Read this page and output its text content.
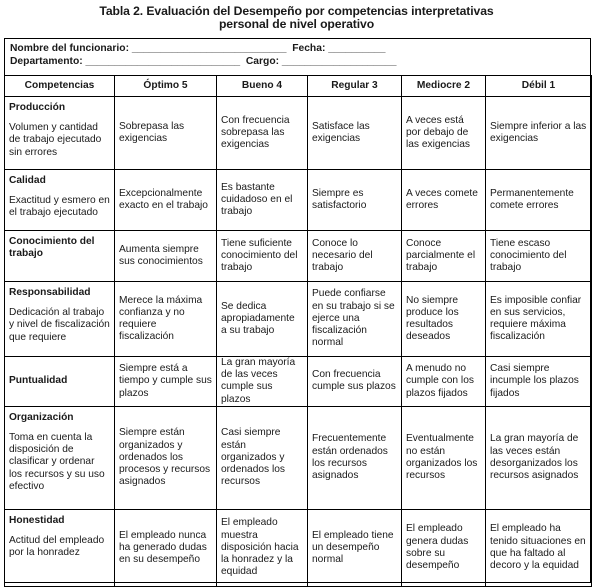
Tabla 2. Evaluación del Desempeño por competencias interpretativas
personal de nivel operativo
Nombre del funcionario: ___________________________  Fecha: __________
Departamento: ___________________________  Cargo: ____________________
Competencias	Óptimo 5	Bueno 4	Regular 3	Mediocre 2	Débil 1

Producción
Volumen y cantidad de trabajo ejecutado sin errores	Sobrepasa las exigencias	Con frecuencia sobrepasa las exigencias	Satisface las exigencias	A veces está por debajo de las exigencias	Siempre inferior a las exigencias

Calidad
Exactitud y esmero en el trabajo ejecutado	Excepcionalmente exacto en el trabajo	Es bastante cuidadoso en el trabajo	Siempre es satisfactorio	A veces comete errores	Permanentemente comete errores

Conocimiento del trabajo	Aumenta siempre sus conocimientos	Tiene suficiente conocimiento del trabajo	Conoce lo necesario del trabajo	Conoce parcialmente el trabajo	Tiene escaso conocimiento del trabajo

Responsabilidad
Dedicación al trabajo y nivel de fiscalización que requiere	Merece la máxima confianza y no requiere fiscalización	Se dedica apropiadamente a su trabajo	Puede confiarse en su trabajo si se ejerce una fiscalización normal	No siempre produce los resultados deseados	Es imposible confiar en sus servicios, requiere máxima fiscalización

Puntualidad	Siempre está a tiempo y cumple sus plazos	La gran mayoría de las veces cumple sus plazos	Con frecuencia cumple sus plazos	A menudo no cumple con los plazos fijados	Casi siempre incumple los plazos fijados

Organización
Toma en cuenta la disposición de clasificar y ordenar los recursos y su uso efectivo	Siempre están organizados y ordenados los procesos y recursos asignados	Casi siempre están organizados y ordenados los recursos	Frecuentemente están ordenados los recursos asignados	Eventualmente no están organizados los recursos	La gran mayoría de las veces están desorganizados los recursos asignados

Honestidad
Actitud del empleado por la honradez	El empleado nunca ha generado dudas en su desempeño	El empleado muestra disposición hacia la honradez y la equidad	El empleado tiene un desempeño normal	El empleado genera dudas sobre su desempeño	El empleado ha tenido situaciones en que ha faltado al decoro y la equidad
